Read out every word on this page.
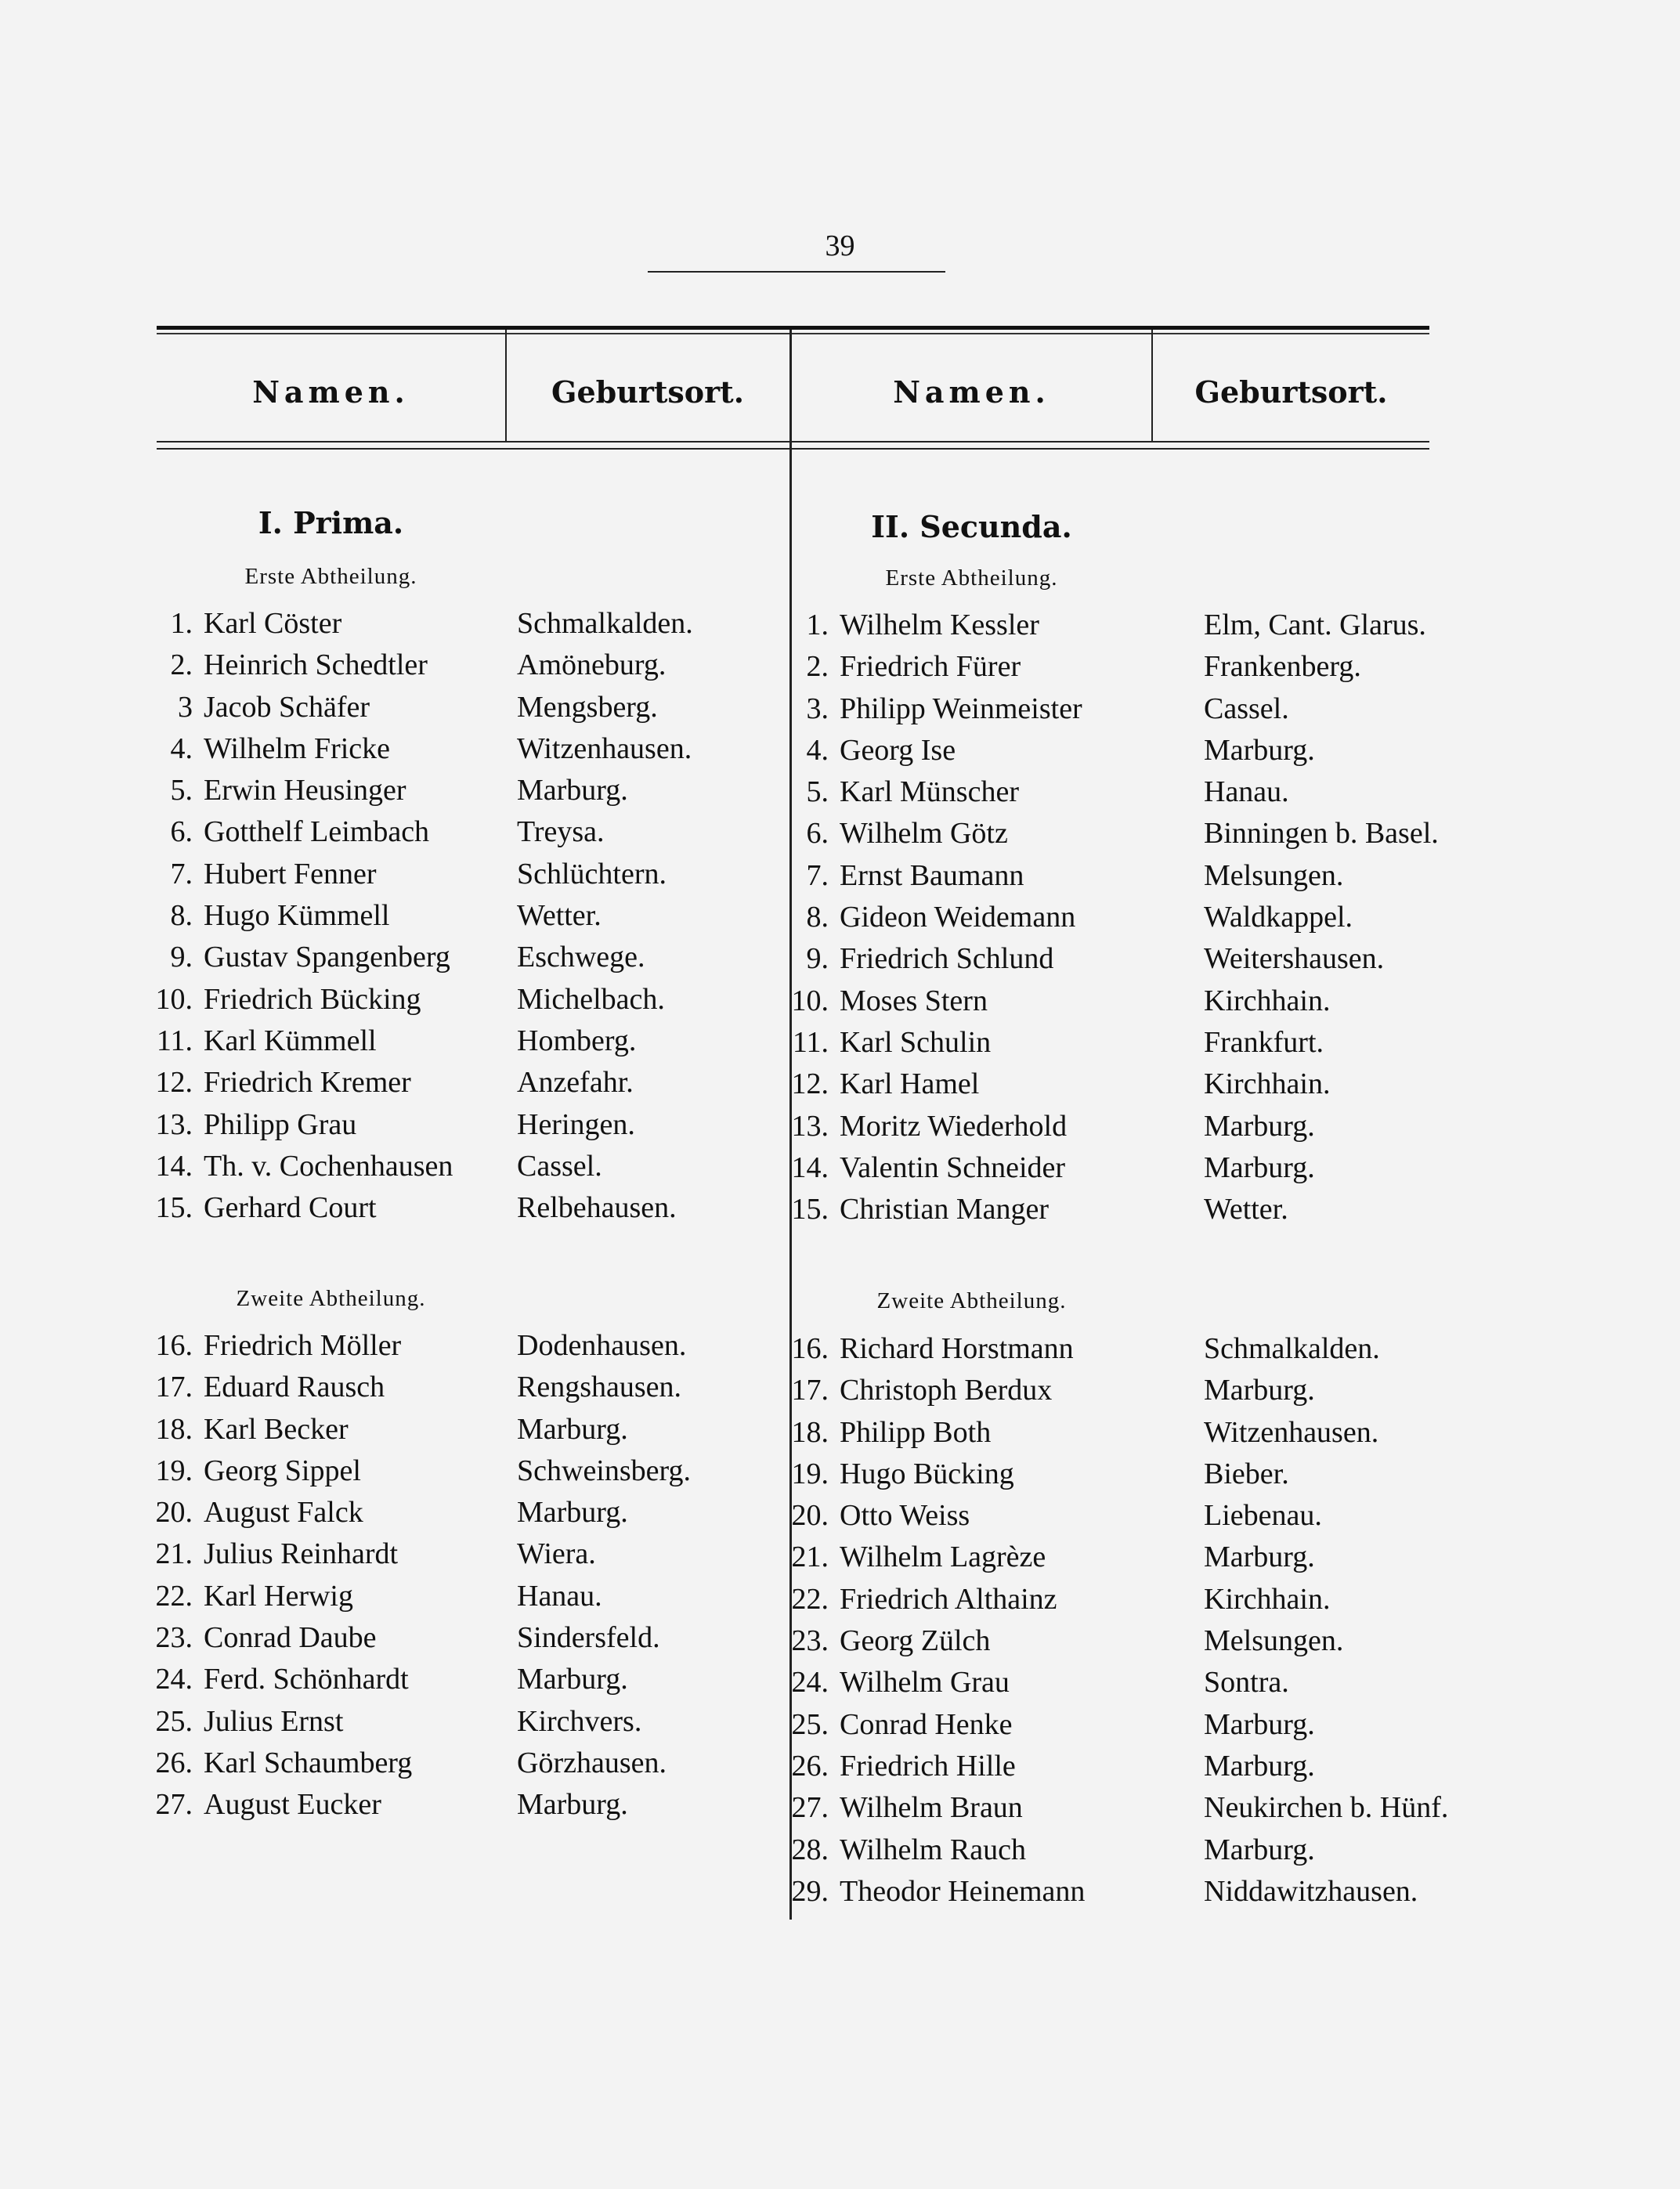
39
Namen.	Geburtsort.	Namen.	Geburtsort.
I. Prima.	II. Secunda.
Erste Abtheilung.	Erste Abtheilung.
Zweite Abtheilung.	Zweite Abtheilung.
1. Karl Cöster	Schmalkalden.
2. Heinrich Schedtler	Amöneburg.
3 Jacob Schäfer	Mengsberg.
4. Wilhelm Fricke	Witzenhausen.
5. Erwin Heusinger	Marburg.
6. Gotthelf Leimbach	Treysa.
7. Hubert Fenner	Schlüchtern.
8. Hugo Kümmell	Wetter.
9. Gustav Spangenberg	Eschwege.
10. Friedrich Bücking	Michelbach.
11. Karl Kümmell	Homberg.
12. Friedrich Kremer	Anzefahr.
13. Philipp Grau	Heringen.
14. Th. v. Cochenhausen	Cassel.
15. Gerhard Court	Relbehausen.
16. Friedrich Möller	Dodenhausen.
17. Eduard Rausch	Rengshausen.
18. Karl Becker	Marburg.
19. Georg Sippel	Schweinsberg.
20. August Falck	Marburg.
21. Julius Reinhardt	Wiera.
22. Karl Herwig	Hanau.
23. Conrad Daube	Sindersfeld.
24. Ferd. Schönhardt	Marburg.
25. Julius Ernst	Kirchvers.
26. Karl Schaumberg	Görzhausen.
27. August Eucker	Marburg.
1. Wilhelm Kessler	Elm, Cant. Glarus.
2. Friedrich Fürer	Frankenberg.
3. Philipp Weinmeister	Cassel.
4. Georg Ise	Marburg.
5. Karl Münscher	Hanau.
6. Wilhelm Götz	Binningen b. Basel.
7. Ernst Baumann	Melsungen.
8. Gideon Weidemann	Waldkappel.
9. Friedrich Schlund	Weitershausen.
10. Moses Stern	Kirchhain.
11. Karl Schulin	Frankfurt.
12. Karl Hamel	Kirchhain.
13. Moritz Wiederhold	Marburg.
14. Valentin Schneider	Marburg.
15. Christian Manger	Wetter.
16. Richard Horstmann	Schmalkalden.
17. Christoph Berdux	Marburg.
18. Philipp Both	Witzenhausen.
19. Hugo Bücking	Bieber.
20. Otto Weiss	Liebenau.
21. Wilhelm Lagrèze	Marburg.
22. Friedrich Althainz	Kirchhain.
23. Georg Zülch	Melsungen.
24. Wilhelm Grau	Sontra.
25. Conrad Henke	Marburg.
26. Friedrich Hille	Marburg.
27. Wilhelm Braun	Neukirchen b. Hünf.
28. Wilhelm Rauch	Marburg.
29. Theodor Heinemann	Niddawitzhausen.
